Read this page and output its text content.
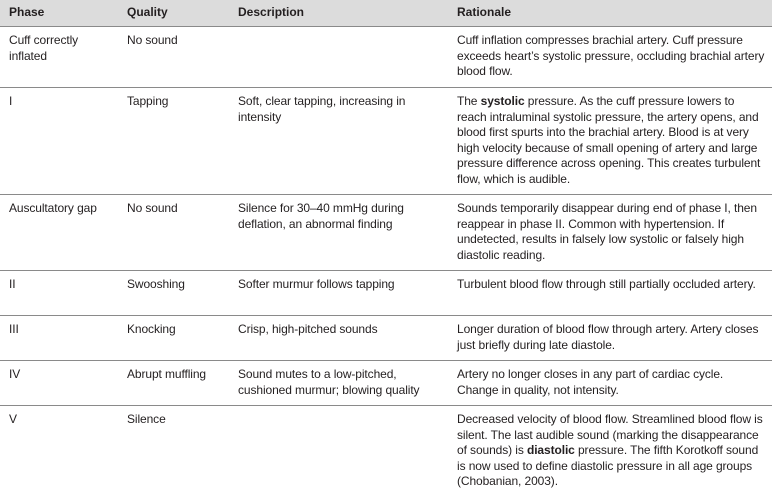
Phase	Quality	Description	Rationale
Cuff correctly inflated	No sound		Cuff inflation compresses brachial artery. Cuff pressure exceeds heart’s systolic pressure, occluding brachial artery blood flow.
I	Tapping	Soft, clear tapping, increasing in intensity	The systolic pressure. As the cuff pressure lowers to reach intraluminal systolic pressure, the artery opens, and blood first spurts into the brachial artery. Blood is at very high velocity because of small opening of artery and large pressure difference across opening. This creates turbulent flow, which is audible.
Auscultatory gap	No sound	Silence for 30–40 mmHg during deflation, an abnormal finding	Sounds temporarily disappear during end of phase I, then reappear in phase II. Common with hypertension. If undetected, results in falsely low systolic or falsely high diastolic reading.
II	Swooshing	Softer murmur follows tapping	Turbulent blood flow through still partially occluded artery.
III	Knocking	Crisp, high-pitched sounds	Longer duration of blood flow through artery. Artery closes just briefly during late diastole.
IV	Abrupt muffling	Sound mutes to a low-pitched, cushioned murmur; blowing quality	Artery no longer closes in any part of cardiac cycle. Change in quality, not intensity.
V	Silence		Decreased velocity of blood flow. Streamlined blood flow is silent. The last audible sound (marking the disappearance of sounds) is diastolic pressure. The fifth Korotkoff sound is now used to define diastolic pressure in all age groups (Chobanian, 2003).
